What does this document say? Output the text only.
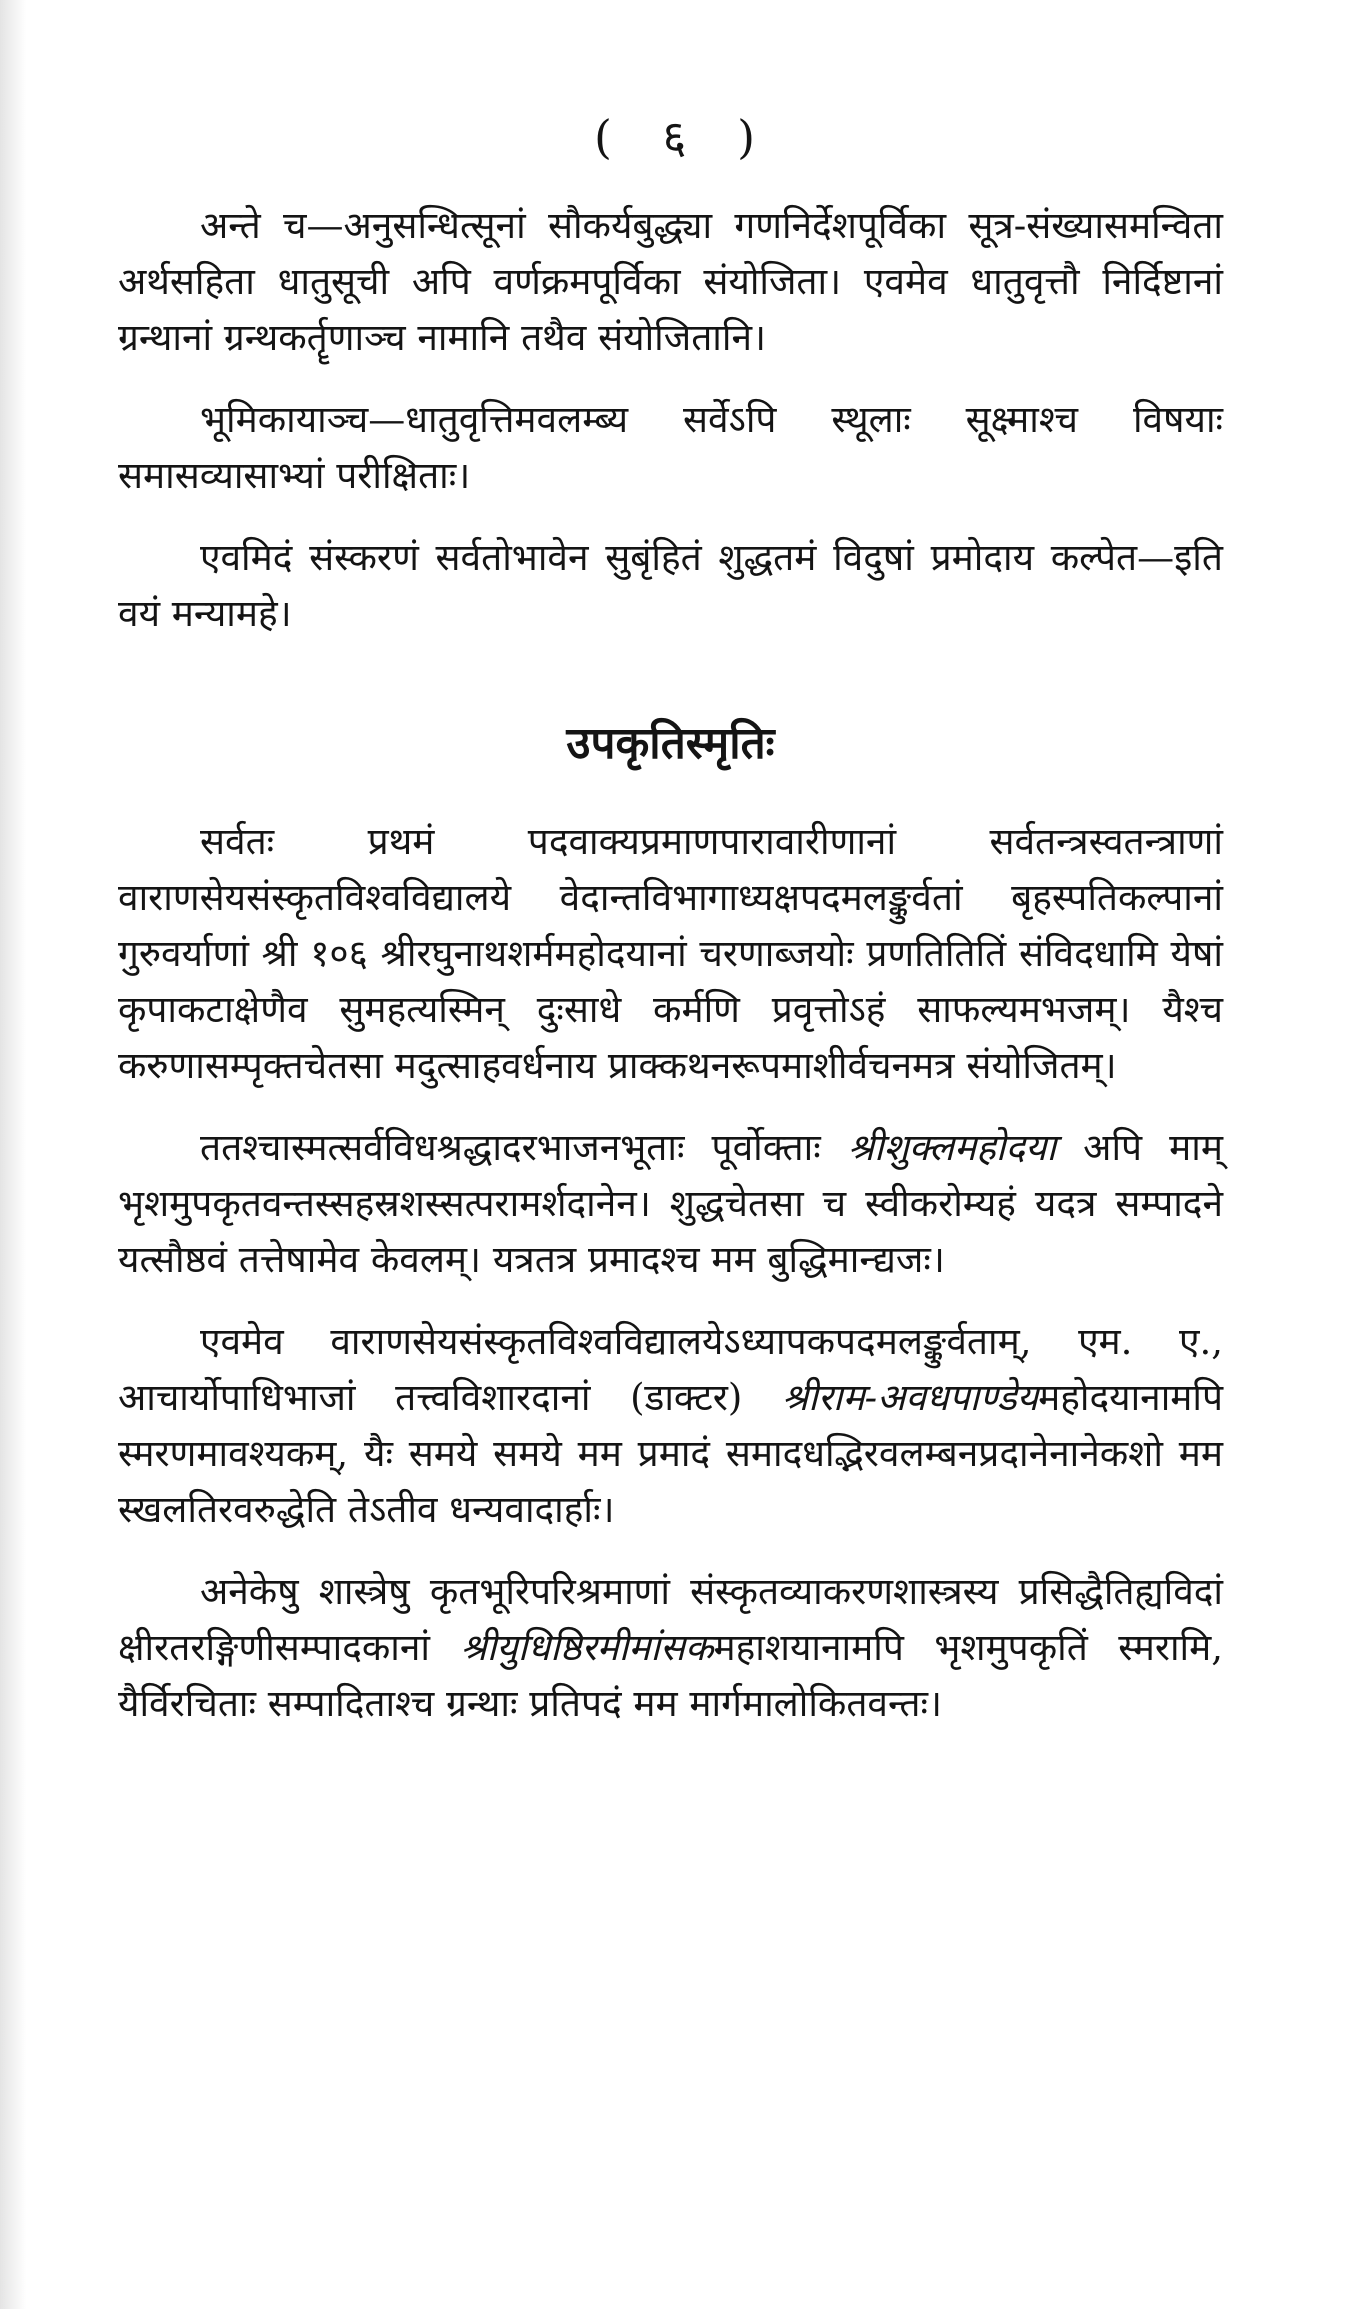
( ६ )

अन्ते च—अनुसन्धित्सूनां सौकर्यबुद्ध्या गणनिर्देशपूर्विका सूत्र-संख्यासमन्विता अर्थसहिता धातुसूची अपि वर्णक्रमपूर्विका संयोजिता। एवमेव धातुवृत्तौ निर्दिष्टानां ग्रन्थानां ग्रन्थकर्तॄणाञ्च नामानि तथैव संयोजितानि।

भूमिकायाञ्च—धातुवृत्तिमवलम्ब्य सर्वेऽपि स्थूलाः सूक्ष्माश्च विषयाः समासव्यासाभ्यां परीक्षिताः।

एवमिदं संस्करणं सर्वतोभावेन सुबृंहितं शुद्धतमं विदुषां प्रमोदाय कल्पेत—इति वयं मन्यामहे।

उपकृतिस्मृतिः

सर्वतः प्रथमं पदवाक्यप्रमाणपारावारीणानां सर्वतन्त्रस्वतन्त्राणां वाराणसेयसंस्कृतविश्वविद्यालये वेदान्तविभागाध्यक्षपदमलङ्कुर्वतां बृहस्पतिकल्पानां गुरुवर्याणां श्री १०६ श्रीरघुनाथशर्ममहोदयानां चरणाब्जयोः प्रणतितितिं संविदधामि येषां कृपाकटाक्षेणैव सुमहत्यस्मिन् दुःसाधे कर्मणि प्रवृत्तोऽहं साफल्यमभजम्। यैश्च करुणासम्पृक्तचेतसा मदुत्साहवर्धनाय प्राक्कथनरूपमाशीर्वचनमत्र संयोजितम्।

ततश्चास्मत्सर्वविधश्रद्धादरभाजनभूताः पूर्वोक्ताः श्रीशुक्लमहोदया अपि माम् भृशमुपकृतवन्तस्सहस्रशस्सत्परामर्शदानेन। शुद्धचेतसा च स्वीकरोम्यहं यदत्र सम्पादने यत्सौष्ठवं तत्तेषामेव केवलम्। यत्रतत्र प्रमादश्च मम बुद्धिमान्द्यजः।

एवमेव वाराणसेयसंस्कृतविश्वविद्यालयेऽध्यापकपदमलङ्कुर्वताम्, एम. ए., आचार्योपाधिभाजां तत्त्वविशारदानां (डाक्टर) श्रीराम-अवधपाण्डेयमहोदयानामपि स्मरणमावश्यकम्, यैः समये समये मम प्रमादं समादधद्भिरवलम्बनप्रदानेनानेकशो मम स्खलतिरवरुद्धेति तेऽतीव धन्यवादार्हाः।

अनेकेषु शास्त्रेषु कृतभूरिपरिश्रमाणां संस्कृतव्याकरणशास्त्रस्य प्रसिद्धैतिह्यविदां क्षीरतरङ्गिणीसम्पादकानां श्रीयुधिष्ठिरमीमांसकमहाशयानामपि भृशमुपकृतिं स्मरामि, यैर्विरचिताः सम्पादिताश्च ग्रन्थाः प्रतिपदं मम मार्गमालोकितवन्तः।
